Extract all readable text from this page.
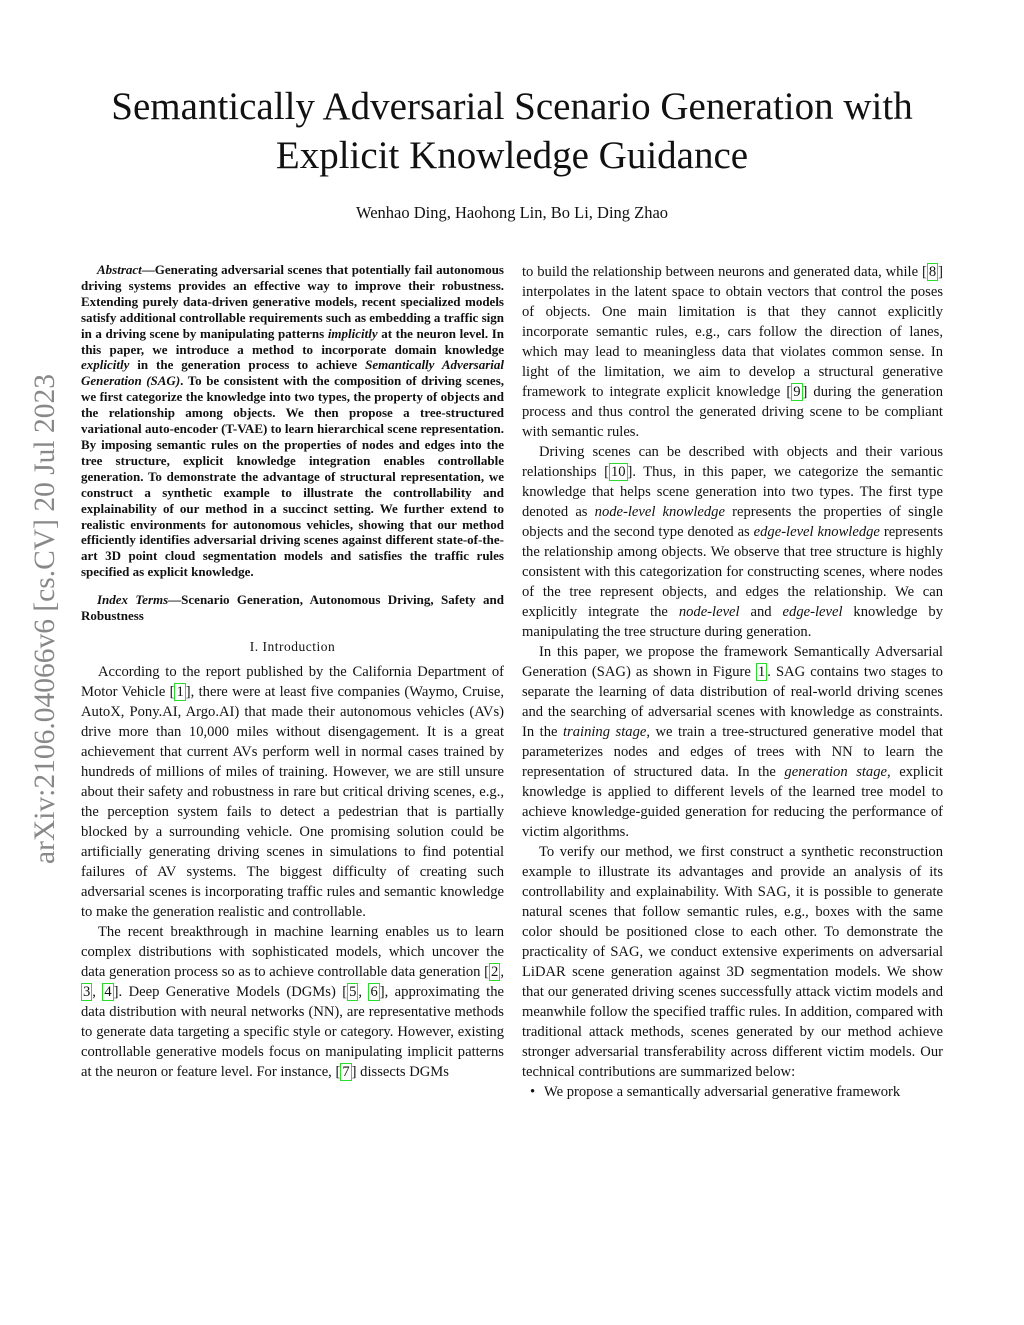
arXiv:2106.04066v6 [cs.CV] 20 Jul 2023
Semantically Adversarial Scenario Generation with
Explicit Knowledge Guidance
Wenhao Ding, Haohong Lin, Bo Li, Ding Zhao

Abstract—Generating adversarial scenes that potentially fail autonomous driving systems provides an effective way to improve their robustness. Extending purely data-driven generative models, recent specialized models satisfy additional controllable requirements such as embedding a traffic sign in a driving scene by manipulating patterns implicitly at the neuron level. In this paper, we introduce a method to incorporate domain knowledge explicitly in the generation process to achieve Semantically Adversarial Generation (SAG). To be consistent with the composition of driving scenes, we first categorize the knowledge into two types, the property of objects and the relationship among objects. We then propose a tree-structured variational auto-encoder (T-VAE) to learn hierarchical scene representation. By imposing semantic rules on the properties of nodes and edges into the tree structure, explicit knowledge integration enables controllable generation. To demonstrate the advantage of structural representation, we construct a synthetic example to illustrate the controllability and explainability of our method in a succinct setting. We further extend to realistic environments for autonomous vehicles, showing that our method efficiently identifies adversarial driving scenes against different state-of-the-art 3D point cloud segmentation models and satisfies the traffic rules specified as explicit knowledge.

Index Terms—Scenario Generation, Autonomous Driving, Safety and Robustness

I. Introduction

According to the report published by the California Department of Motor Vehicle [ 1 ], there were at least five companies (Waymo, Cruise, AutoX, Pony.AI, Argo.AI) that made their autonomous vehicles (AVs) drive more than 10,000 miles without disengagement. It is a great achievement that current AVs perform well in normal cases trained by hundreds of millions of miles of training. However, we are still unsure about their safety and robustness in rare but critical driving scenes, e.g., the perception system fails to detect a pedestrian that is partially blocked by a surrounding vehicle. One promising solution could be artificially generating driving scenes in simulations to find potential failures of AV systems. The biggest difficulty of creating such adversarial scenes is incorporating traffic rules and semantic knowledge to make the generation realistic and controllable.

The recent breakthrough in machine learning enables us to learn complex distributions with sophisticated models, which uncover the data generation process so as to achieve controllable data generation [ 2 , 3 , 4 ]. Deep Generative Models (DGMs) [ 5 , 6 ], approximating the data distribution with neural networks (NN), are representative methods to generate data targeting a specific style or category. However, existing controllable generative models focus on manipulating implicit patterns at the neuron or feature level. For instance, [ 7 ] dissects DGMs

to build the relationship between neurons and generated data, while [ 8 ] interpolates in the latent space to obtain vectors that control the poses of objects. One main limitation is that they cannot explicitly incorporate semantic rules, e.g., cars follow the direction of lanes, which may lead to meaningless data that violates common sense. In light of the limitation, we aim to develop a structural generative framework to integrate explicit knowledge [ 9 ] during the generation process and thus control the generated driving scene to be compliant with semantic rules.

Driving scenes can be described with objects and their various relationships [ 10 ]. Thus, in this paper, we categorize the semantic knowledge that helps scene generation into two types. The first type denoted as node-level knowledge represents the properties of single objects and the second type denoted as edge-level knowledge represents the relationship among objects. We observe that tree structure is highly consistent with this categorization for constructing scenes, where nodes of the tree represent objects, and edges the relationship. We can explicitly integrate the node-level and edge-level knowledge by manipulating the tree structure during generation.

In this paper, we propose the framework Semantically Adversarial Generation (SAG) as shown in Figure 1 . SAG contains two stages to separate the learning of data distribution of real-world driving scenes and the searching of adversarial scenes with knowledge as constraints. In the training stage, we train a tree-structured generative model that parameterizes nodes and edges of trees with NN to learn the representation of structured data. In the generation stage, explicit knowledge is applied to different levels of the learned tree model to achieve knowledge-guided generation for reducing the performance of victim algorithms.

To verify our method, we first construct a synthetic reconstruction example to illustrate its advantages and provide an analysis of its controllability and explainability. With SAG, it is possible to generate natural scenes that follow semantic rules, e.g., boxes with the same color should be positioned close to each other. To demonstrate the practicality of SAG, we conduct extensive experiments on adversarial LiDAR scene generation against 3D segmentation models. We show that our generated driving scenes successfully attack victim models and meanwhile follow the specified traffic rules. In addition, compared with traditional attack methods, scenes generated by our method achieve stronger adversarial transferability across different victim models. Our technical contributions are summarized below:

• We propose a semantically adversarial generative framework
